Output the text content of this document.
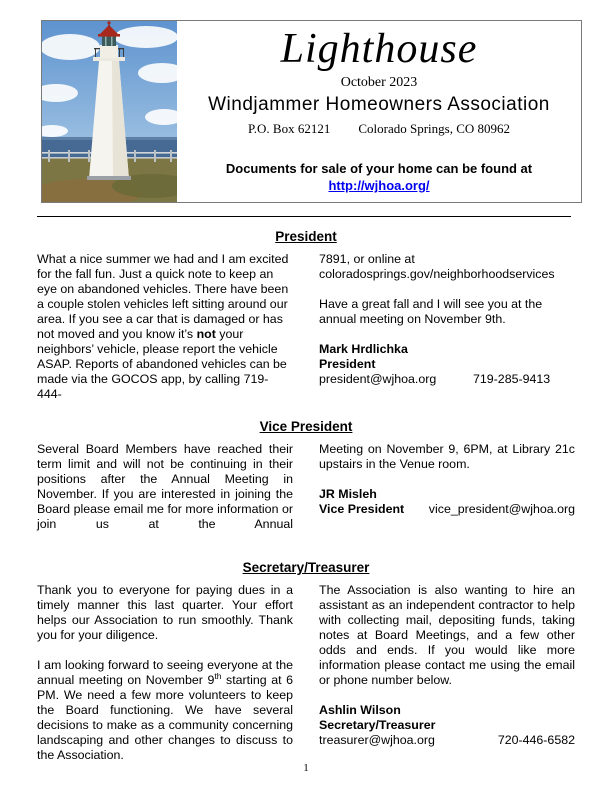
Lighthouse
October 2023
Windjammer Homeowners Association
P.O. Box 62121 Colorado Springs, CO 80962
Documents for sale of your home can be found at
http://wjhoa.org/
President

What a nice summer we had and I am excited for the fall fun. Just a quick note to keep an eye on abandoned vehicles. There have been a couple stolen vehicles left sitting around our area. If you see a car that is damaged or has not moved and you know it’s not your neighbors’ vehicle, please report the vehicle ASAP. Reports of abandoned vehicles can be made via the GOCOS app, by calling 719-444-

7891, or online at coloradosprings.gov/neighborhoodservices

Have a great fall and I will see you at the annual meeting on November 9th.

Mark Hrdlichka
President
president@wjhoa.org	719-285-9413
Vice President

Several Board Members have reached their term limit and will not be continuing in their positions after the Annual Meeting in November. If you are interested in joining the Board please email me for more information or join us at the Annual

Meeting on November 9, 6PM, at Library 21c upstairs in the Venue room.

JR Misleh
Vice President	vice_president@wjhoa.org
Secretary/Treasurer

Thank you to everyone for paying dues in a timely manner this last quarter. Your effort helps our Association to run smoothly. Thank you for your diligence.

I am looking forward to seeing everyone at the annual meeting on November 9th starting at 6 PM. We need a few more volunteers to keep the Board functioning. We have several decisions to make as a community concerning landscaping and other changes to discuss to the Association.

The Association is also wanting to hire an assistant as an independent contractor to help with collecting mail, depositing funds, taking notes at Board Meetings, and a few other odds and ends. If you would like more information please contact me using the email or phone number below.

Ashlin Wilson
Secretary/Treasurer
treasurer@wjhoa.org	720-446-6582
1
